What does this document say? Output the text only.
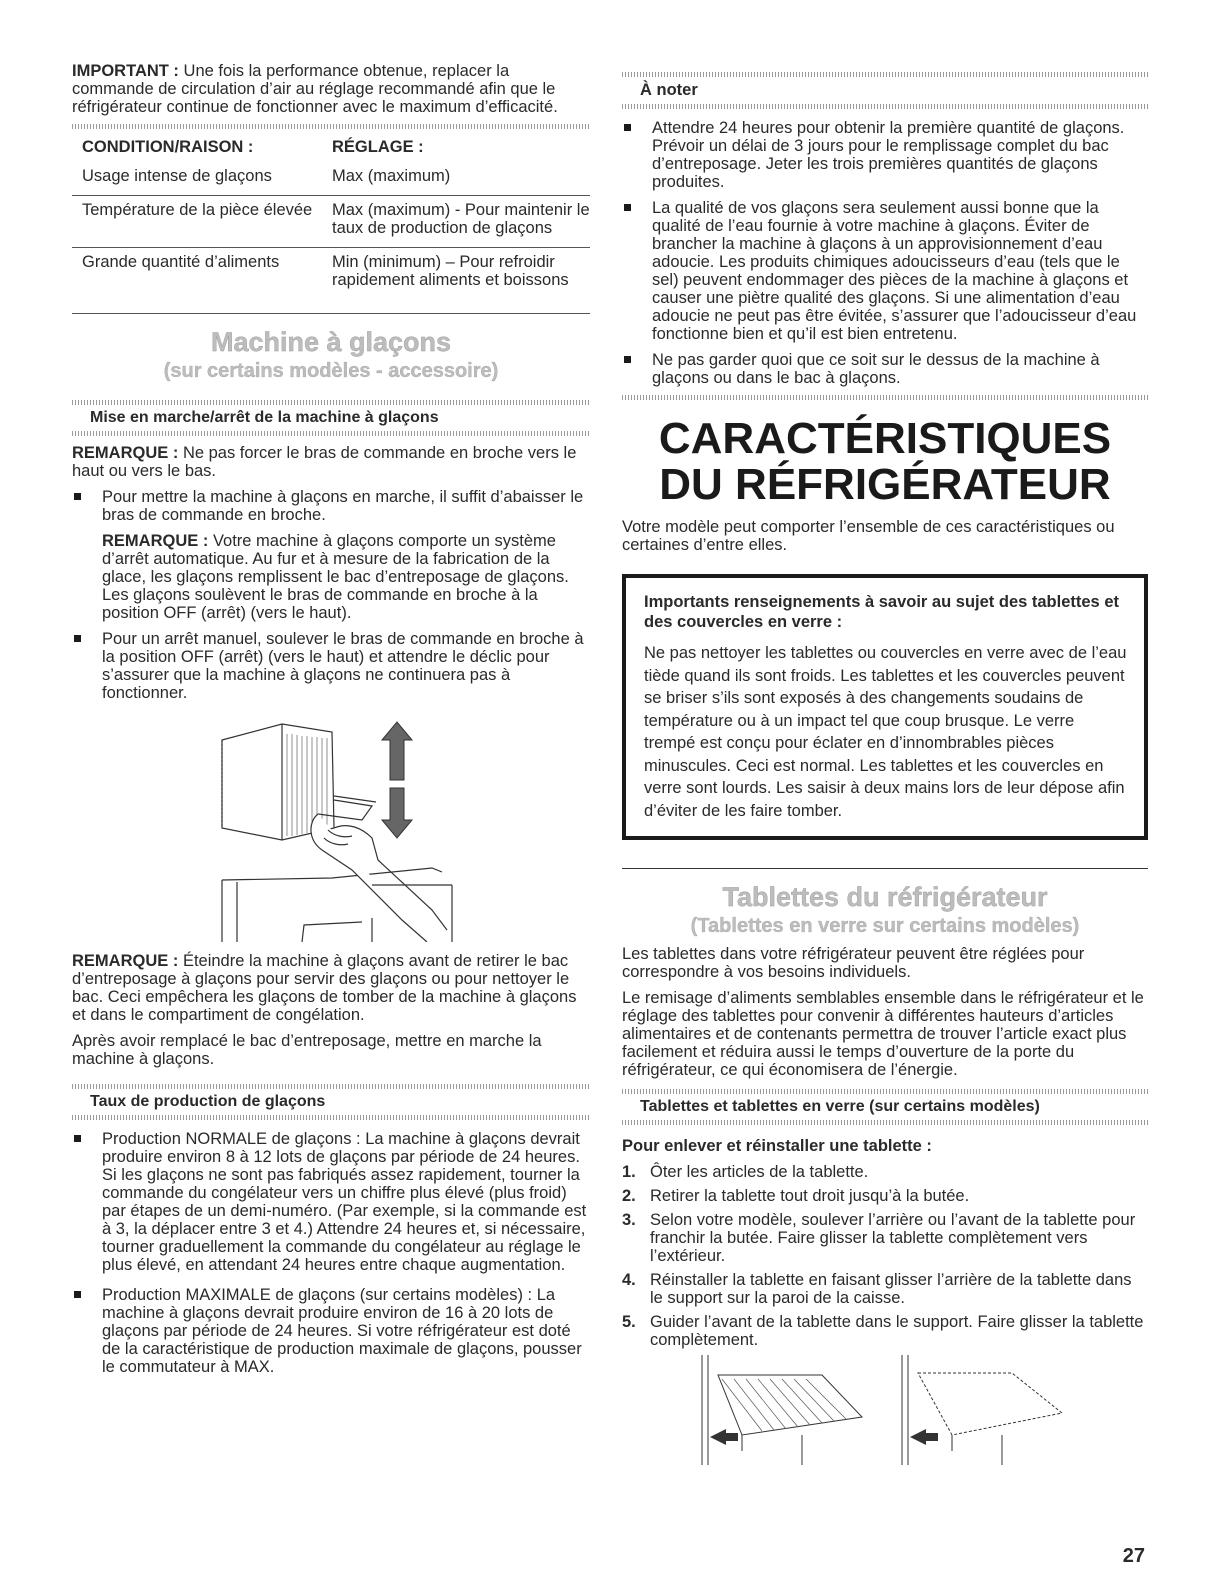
IMPORTANT : Une fois la performance obtenue, replacer la commande de circulation d’air au réglage recommandé afin que le réfrigérateur continue de fonctionner avec le maximum d’efficacité.

CONDITION/RAISON :	RÉGLAGE :
Usage intense de glaçons	Max (maximum)
Température de la pièce élevée	Max (maximum) - Pour maintenir le taux de production de glaçons
Grande quantité d’aliments	Min (minimum) – Pour refroidir rapidement aliments et boissons
Machine à glaçons
(sur certains modèles - accessoire)
Mise en marche/arrêt de la machine à glaçons

REMARQUE : Ne pas forcer le bras de commande en broche vers le haut ou vers le bas.

Pour mettre la machine à glaçons en marche, il suffit d’abaisser le bras de commande en broche.

REMARQUE : Votre machine à glaçons comporte un système d’arrêt automatique. Au fur et à mesure de la fabrication de la glace, les glaçons remplissent le bac d’entreposage de glaçons. Les glaçons soulèvent le bras de commande en broche à la position OFF (arrêt) (vers le haut).

Pour un arrêt manuel, soulever le bras de commande en broche à la position OFF (arrêt) (vers le haut) et attendre le déclic pour s’assurer que la machine à glaçons ne continuera pas à fonctionner.

REMARQUE : Éteindre la machine à glaçons avant de retirer le bac d’entreposage à glaçons pour servir des glaçons ou pour nettoyer le bac. Ceci empêchera les glaçons de tomber de la machine à glaçons et dans le compartiment de congélation.

Après avoir remplacé le bac d’entreposage, mettre en marche la machine à glaçons.

Taux de production de glaçons
Production NORMALE de glaçons : La machine à glaçons devrait produire environ 8 à 12 lots de glaçons par période de 24 heures. Si les glaçons ne sont pas fabriqués assez rapidement, tourner la commande du congélateur vers un chiffre plus élevé (plus froid) par étapes de un demi-numéro. (Par exemple, si la commande est à 3, la déplacer entre 3 et 4.) Attendre 24 heures et, si nécessaire, tourner graduellement la commande du congélateur au réglage le plus élevé, en attendant 24 heures entre chaque augmentation.
Production MAXIMALE de glaçons (sur certains modèles) : La machine à glaçons devrait produire environ de 16 à 20 lots de glaçons par période de 24 heures. Si votre réfrigérateur est doté de la caractéristique de production maximale de glaçons, pousser le commutateur à MAX.
À noter
Attendre 24 heures pour obtenir la première quantité de glaçons. Prévoir un délai de 3 jours pour le remplissage complet du bac d’entreposage. Jeter les trois premières quantités de glaçons produites.
La qualité de vos glaçons sera seulement aussi bonne que la qualité de l’eau fournie à votre machine à glaçons. Éviter de brancher la machine à glaçons à un approvisionnement d’eau adoucie. Les produits chimiques adoucisseurs d’eau (tels que le sel) peuvent endommager des pièces de la machine à glaçons et causer une piètre qualité des glaçons. Si une alimentation d’eau adoucie ne peut pas être évitée, s’assurer que l’adoucisseur d’eau fonctionne bien et qu’il est bien entretenu.
Ne pas garder quoi que ce soit sur le dessus de la machine à glaçons ou dans le bac à glaçons.
CARACTÉRISTIQUES
DU RÉFRIGÉRATEUR

Votre modèle peut comporter l’ensemble de ces caractéristiques ou certaines d’entre elles.

Importants renseignements à savoir au sujet des tablettes et des couvercles en verre :
Ne pas nettoyer les tablettes ou couvercles en verre avec de l’eau tiède quand ils sont froids. Les tablettes et les couvercles peuvent se briser s’ils sont exposés à des changements soudains de température ou à un impact tel que coup brusque. Le verre trempé est conçu pour éclater en d’innombrables pièces minuscules. Ceci est normal. Les tablettes et les couvercles en verre sont lourds. Les saisir à deux mains lors de leur dépose afin d’éviter de les faire tomber.
Tablettes du réfrigérateur
(Tablettes en verre sur certains modèles)

Les tablettes dans votre réfrigérateur peuvent être réglées pour correspondre à vos besoins individuels.

Le remisage d’aliments semblables ensemble dans le réfrigérateur et le réglage des tablettes pour convenir à différentes hauteurs d’articles alimentaires et de contenants permettra de trouver l’article exact plus facilement et réduira aussi le temps d’ouverture de la porte du réfrigérateur, ce qui économisera de l’énergie.

Tablettes et tablettes en verre (sur certains modèles)

Pour enlever et réinstaller une tablette :

1. Ôter les articles de la tablette.
2. Retirer la tablette tout droit jusqu’à la butée.
3. Selon votre modèle, soulever l’arrière ou l’avant de la tablette pour franchir la butée. Faire glisser la tablette complètement vers l’extérieur.
4. Réinstaller la tablette en faisant glisser l’arrière de la tablette dans le support sur la paroi de la caisse.
5. Guider l’avant de la tablette dans le support. Faire glisser la tablette complètement.
27
